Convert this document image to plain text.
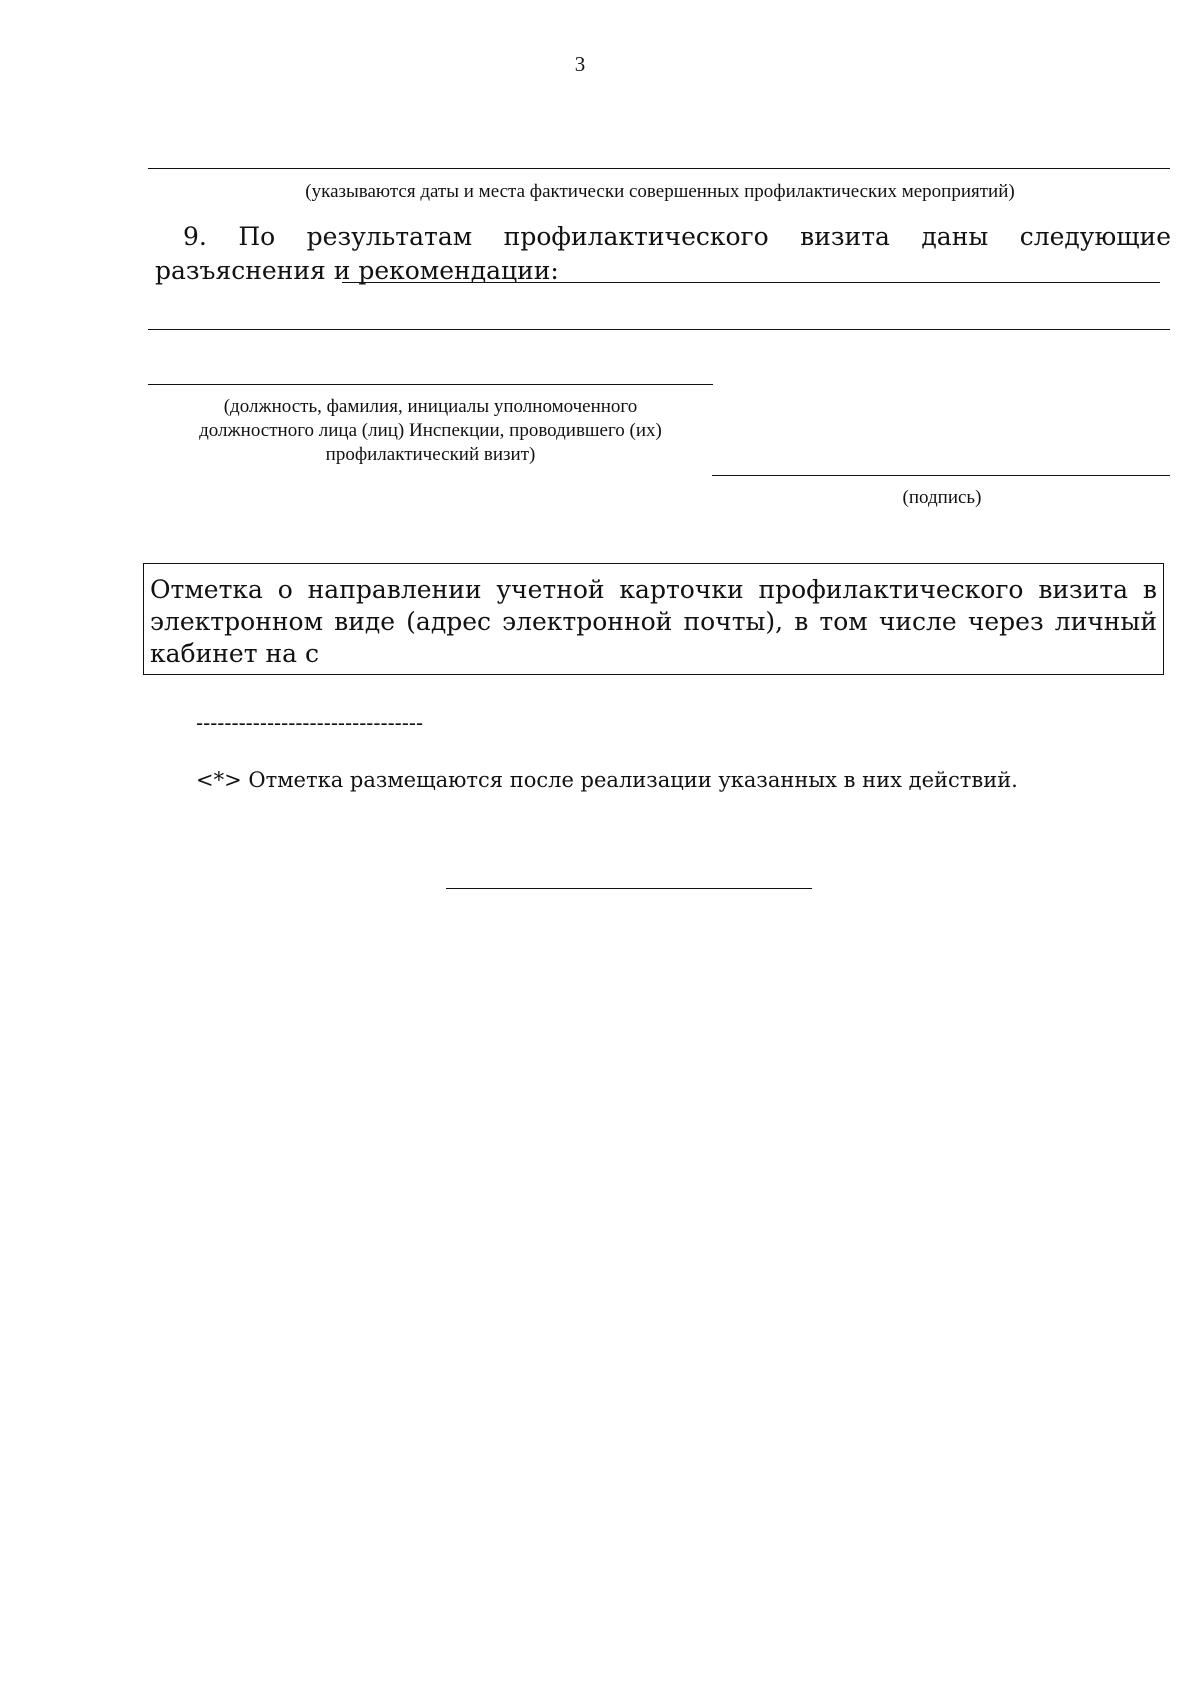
3
(указываются даты и места фактически совершенных профилактических мероприятий)
9. По результатам профилактического визита даны следующие разъяснения и рекомендации:
(должность, фамилия, инициалы уполномоченного должностного лица (лиц) Инспекции, проводившего (их) профилактический визит)
(подпись)
Отметка о направлении учетной карточки профилактического визита в электронном виде (адрес электронной почты), в том числе через личный кабинет на с
--------------------------------
<*> Отметка размещаются после реализации указанных в них действий.
